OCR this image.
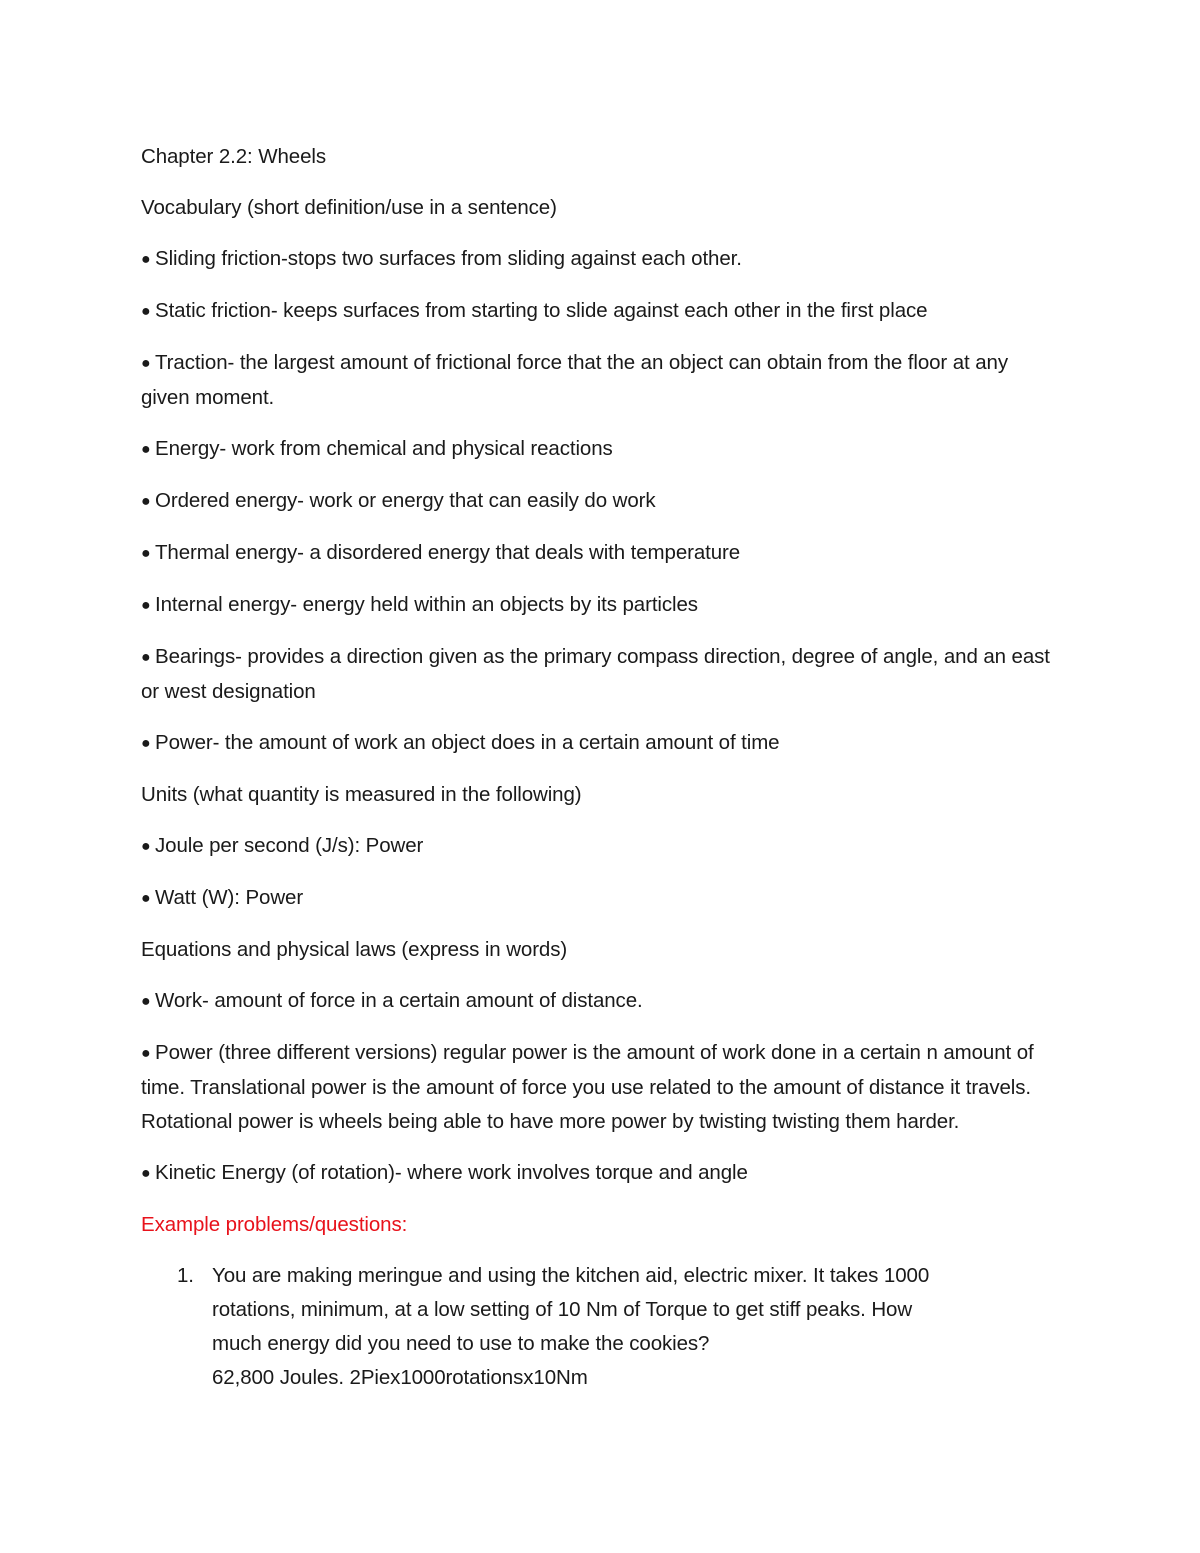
Chapter 2.2: Wheels

Vocabulary (short definition/use in a sentence)

● Sliding friction-stops two surfaces from sliding against each other.

● Static friction- keeps surfaces from starting to slide against each other in the first place

● Traction- the largest amount of frictional force that the an object can obtain from the floor at any given moment.

● Energy- work from chemical and physical reactions

● Ordered energy- work or energy that can easily do work

● Thermal energy- a disordered energy that deals with temperature

● Internal energy- energy held within an objects by its particles

● Bearings- provides a direction given as the primary compass direction, degree of angle, and an east or west designation

● Power- the amount of work an object does in a certain amount of time

Units (what quantity is measured in the following)

● Joule per second (J/s): Power

● Watt (W): Power

Equations and physical laws (express in words)

● Work- amount of force in a certain amount of distance.

● Power (three different versions) regular power is the amount of work done in a certain n amount of time. Translational power is the amount of force you use related to the amount of distance it travels. Rotational power is wheels being able to have more power by twisting twisting them harder.

● Kinetic Energy (of rotation)- where work involves torque and angle

Example problems/questions:

1. You are making meringue and using the kitchen aid, electric mixer. It takes 1000
rotations, minimum, at a low setting of 10 Nm of Torque to get stiff peaks. How
much energy did you need to use to make the cookies?
62,800 Joules. 2Piex1000rotationsx10Nm
